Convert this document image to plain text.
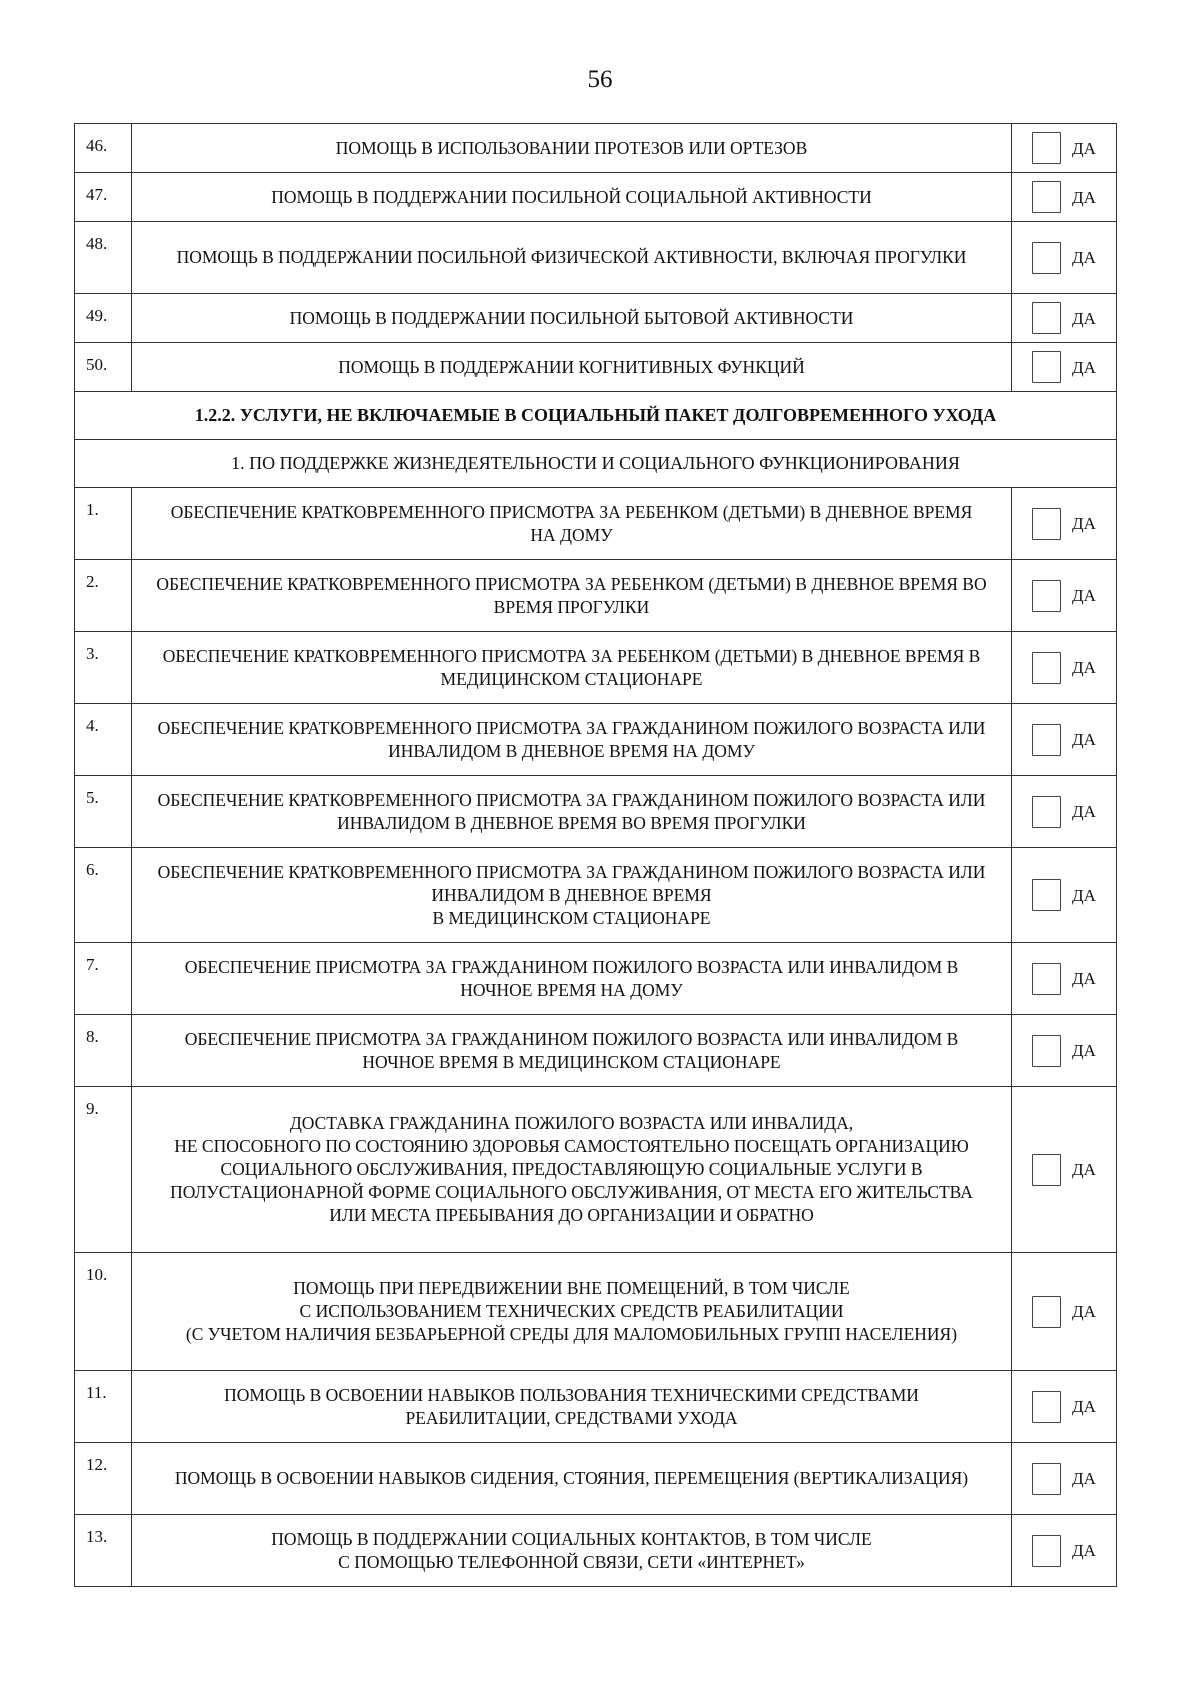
56
46.	ПОМОЩЬ В ИСПОЛЬЗОВАНИИ ПРОТЕЗОВ ИЛИ ОРТЕЗОВ	ДА
47.	ПОМОЩЬ В ПОДДЕРЖАНИИ ПОСИЛЬНОЙ СОЦИАЛЬНОЙ АКТИВНОСТИ	ДА
48.	ПОМОЩЬ В ПОДДЕРЖАНИИ ПОСИЛЬНОЙ ФИЗИЧЕСКОЙ АКТИВНОСТИ, ВКЛЮЧАЯ ПРОГУЛКИ	ДА
49.	ПОМОЩЬ В ПОДДЕРЖАНИИ ПОСИЛЬНОЙ БЫТОВОЙ АКТИВНОСТИ	ДА
50.	ПОМОЩЬ В ПОДДЕРЖАНИИ КОГНИТИВНЫХ ФУНКЦИЙ	ДА
1.2.2. УСЛУГИ, НЕ ВКЛЮЧАЕМЫЕ В СОЦИАЛЬНЫЙ ПАКЕТ ДОЛГОВРЕМЕННОГО УХОДА		
1. ПО ПОДДЕРЖКЕ ЖИЗНЕДЕЯТЕЛЬНОСТИ И СОЦИАЛЬНОГО ФУНКЦИОНИРОВАНИЯ		
1.	ОБЕСПЕЧЕНИЕ КРАТКОВРЕМЕННОГО ПРИСМОТРА ЗА РЕБЕНКОМ (ДЕТЬМИ) В ДНЕВНОЕ ВРЕМЯ НА ДОМУ	ДА
2.	ОБЕСПЕЧЕНИЕ КРАТКОВРЕМЕННОГО ПРИСМОТРА ЗА РЕБЕНКОМ (ДЕТЬМИ) В ДНЕВНОЕ ВРЕМЯ ВО ВРЕМЯ ПРОГУЛКИ	ДА
3.	ОБЕСПЕЧЕНИЕ КРАТКОВРЕМЕННОГО ПРИСМОТРА ЗА РЕБЕНКОМ (ДЕТЬМИ) В ДНЕВНОЕ ВРЕМЯ В МЕДИЦИНСКОМ СТАЦИОНАРЕ	ДА
4.	ОБЕСПЕЧЕНИЕ КРАТКОВРЕМЕННОГО ПРИСМОТРА ЗА ГРАЖДАНИНОМ ПОЖИЛОГО ВОЗРАСТА ИЛИ ИНВАЛИДОМ В ДНЕВНОЕ ВРЕМЯ НА ДОМУ	ДА
5.	ОБЕСПЕЧЕНИЕ КРАТКОВРЕМЕННОГО ПРИСМОТРА ЗА ГРАЖДАНИНОМ ПОЖИЛОГО ВОЗРАСТА ИЛИ ИНВАЛИДОМ В ДНЕВНОЕ ВРЕМЯ ВО ВРЕМЯ ПРОГУЛКИ	ДА
6.	ОБЕСПЕЧЕНИЕ КРАТКОВРЕМЕННОГО ПРИСМОТРА ЗА ГРАЖДАНИНОМ ПОЖИЛОГО ВОЗРАСТА ИЛИ ИНВАЛИДОМ В ДНЕВНОЕ ВРЕМЯ
В МЕДИЦИНСКОМ СТАЦИОНАРЕ	ДА
7.	ОБЕСПЕЧЕНИЕ ПРИСМОТРА ЗА ГРАЖДАНИНОМ ПОЖИЛОГО ВОЗРАСТА ИЛИ ИНВАЛИДОМ В НОЧНОЕ ВРЕМЯ НА ДОМУ	ДА
8.	ОБЕСПЕЧЕНИЕ ПРИСМОТРА ЗА ГРАЖДАНИНОМ ПОЖИЛОГО ВОЗРАСТА ИЛИ ИНВАЛИДОМ В НОЧНОЕ ВРЕМЯ В МЕДИЦИНСКОМ СТАЦИОНАРЕ	ДА
9.	ДОСТАВКА ГРАЖДАНИНА ПОЖИЛОГО ВОЗРАСТА ИЛИ ИНВАЛИДА,
НЕ СПОСОБНОГО ПО СОСТОЯНИЮ ЗДОРОВЬЯ САМОСТОЯТЕЛЬНО ПОСЕЩАТЬ ОРГАНИЗАЦИЮ СОЦИАЛЬНОГО ОБСЛУЖИВАНИЯ, ПРЕДОСТАВЛЯЮЩУЮ СОЦИАЛЬНЫЕ УСЛУГИ В ПОЛУСТАЦИОНАРНОЙ ФОРМЕ СОЦИАЛЬНОГО ОБСЛУЖИВАНИЯ, ОТ МЕСТА ЕГО ЖИТЕЛЬСТВА ИЛИ МЕСТА ПРЕБЫВАНИЯ ДО ОРГАНИЗАЦИИ И ОБРАТНО	ДА
10.	ПОМОЩЬ ПРИ ПЕРЕДВИЖЕНИИ ВНЕ ПОМЕЩЕНИЙ, В ТОМ ЧИСЛЕ
С ИСПОЛЬЗОВАНИЕМ ТЕХНИЧЕСКИХ СРЕДСТВ РЕАБИЛИТАЦИИ
(С УЧЕТОМ НАЛИЧИЯ БЕЗБАРЬЕРНОЙ СРЕДЫ ДЛЯ МАЛОМОБИЛЬНЫХ ГРУПП НАСЕЛЕНИЯ)	ДА
11.	ПОМОЩЬ В ОСВОЕНИИ НАВЫКОВ ПОЛЬЗОВАНИЯ ТЕХНИЧЕСКИМИ СРЕДСТВАМИ РЕАБИЛИТАЦИИ, СРЕДСТВАМИ УХОДА	ДА
12.	ПОМОЩЬ В ОСВОЕНИИ НАВЫКОВ СИДЕНИЯ, СТОЯНИЯ, ПЕРЕМЕЩЕНИЯ (ВЕРТИКАЛИЗАЦИЯ)	ДА
13.	ПОМОЩЬ В ПОДДЕРЖАНИИ СОЦИАЛЬНЫХ КОНТАКТОВ, В ТОМ ЧИСЛЕ
С ПОМОЩЬЮ ТЕЛЕФОННОЙ СВЯЗИ, СЕТИ «ИНТЕРНЕТ»	ДА
